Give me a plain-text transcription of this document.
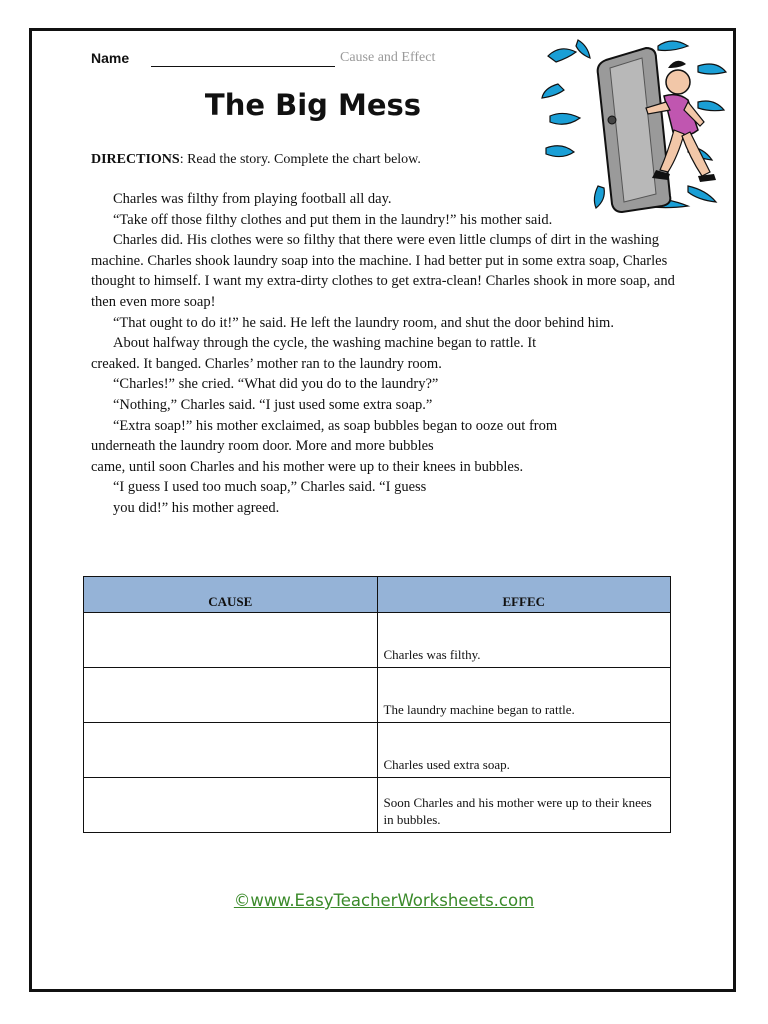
Name	Cause and Effect
The Big Mess
DIRECTIONS: Read the story. Complete the chart below.

Charles was filthy from playing football all day.

“Take off those filthy clothes and put them in the laundry!” his mother said.

Charles did. His clothes were so filthy that there were even little clumps of dirt in the washing machine. Charles shook laundry soap into the machine. I had better put in some extra soap, Charles thought to himself. I want my extra-dirty clothes to get extra-clean! Charles shook in more soap, and then even more soap!

“That ought to do it!” he said. He left the laundry room, and shut the door behind him.

About halfway through the cycle, the washing machine began to rattle. It

creaked. It banged. Charles’ mother ran to the laundry room.

“Charles!” she cried. “What did you do to the laundry?”

“Nothing,” Charles said. “I just used some extra soap.”

“Extra soap!” his mother exclaimed, as soap bubbles began to ooze out from

underneath the laundry room door. More and more bubbles

came, until soon Charles and his mother were up to their knees in bubbles.

“I guess I used too much soap,” Charles said. “I guess

you did!” his mother agreed.

CAUSE	EFFEC
	Charles was filthy.
	The laundry machine began to rattle.
	Charles used extra soap.
	Soon Charles and his mother were up to their knees in bubbles.
©www.EasyTeacherWorksheets.com
